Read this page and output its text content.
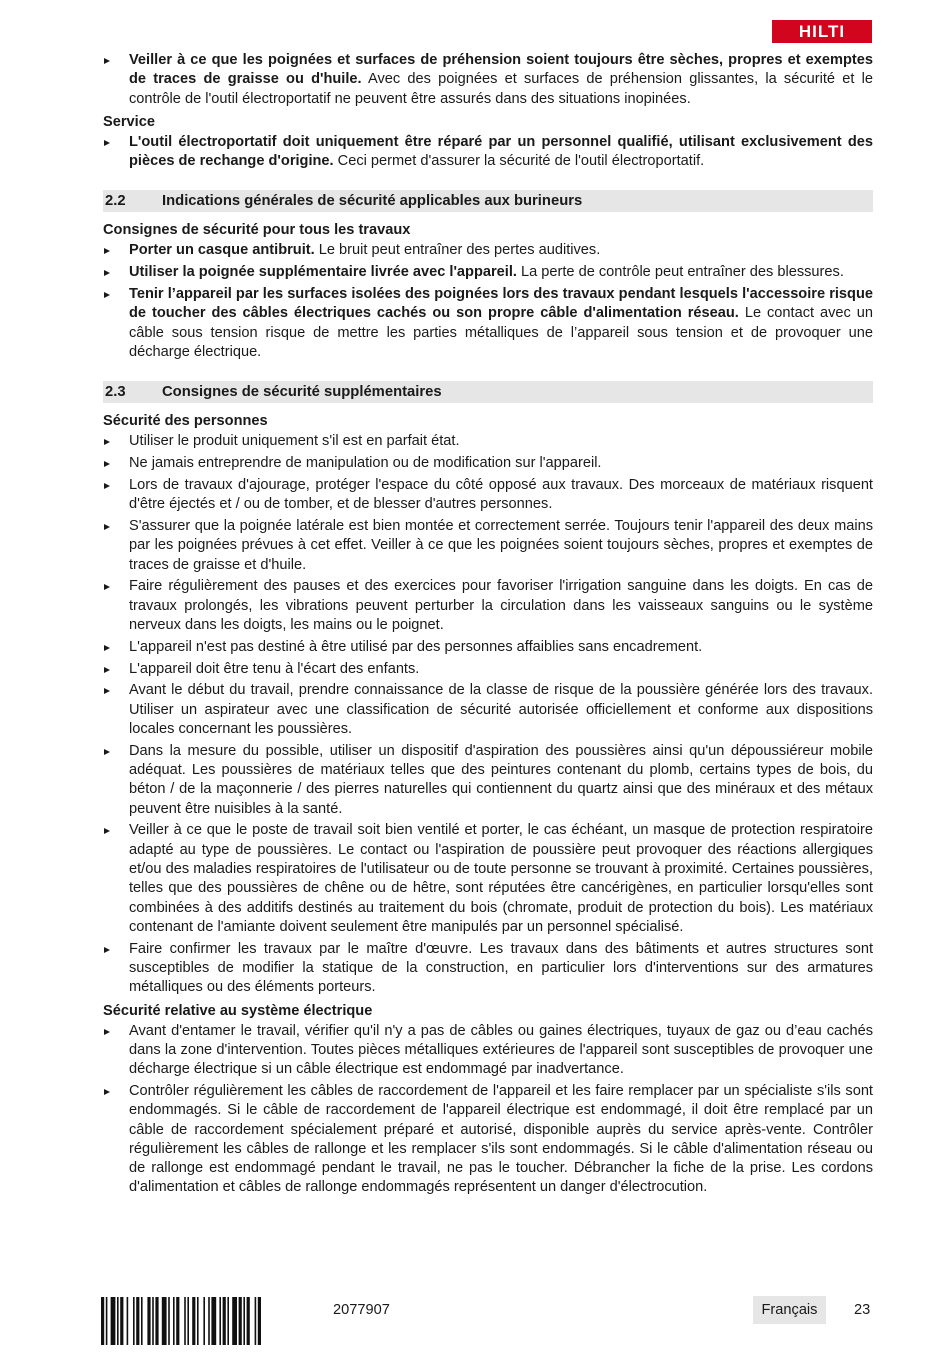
HILTI
Veiller à ce que les poignées et surfaces de préhension soient toujours être sèches, propres et exemptes de traces de graisse ou d'huile. Avec des poignées et surfaces de préhension glissantes, la sécurité et le contrôle de l'outil électroportatif ne peuvent être assurés dans des situations inopinées.
Service
L'outil électroportatif doit uniquement être réparé par un personnel qualifié, utilisant exclusivement des pièces de rechange d'origine. Ceci permet d'assurer la sécurité de l'outil électroportatif.
2.2 Indications générales de sécurité applicables aux burineurs
Consignes de sécurité pour tous les travaux
Porter un casque antibruit. Le bruit peut entraîner des pertes auditives.
Utiliser la poignée supplémentaire livrée avec l'appareil. La perte de contrôle peut entraîner des blessures.
Tenir l’appareil par les surfaces isolées des poignées lors des travaux pendant lesquels l'accessoire risque de toucher des câbles électriques cachés ou son propre câble d'alimentation réseau. Le contact avec un câble sous tension risque de mettre les parties métalliques de l’appareil sous tension et de provoquer une décharge électrique.
2.3 Consignes de sécurité supplémentaires
Sécurité des personnes
Utiliser le produit uniquement s'il est en parfait état.
Ne jamais entreprendre de manipulation ou de modification sur l'appareil.
Lors de travaux d'ajourage, protéger l'espace du côté opposé aux travaux. Des morceaux de matériaux risquent d'être éjectés et / ou de tomber, et de blesser d'autres personnes.
S'assurer que la poignée latérale est bien montée et correctement serrée. Toujours tenir l'appareil des deux mains par les poignées prévues à cet effet. Veiller à ce que les poignées soient toujours sèches, propres et exemptes de traces de graisse et d'huile.
Faire régulièrement des pauses et des exercices pour favoriser l'irrigation sanguine dans les doigts. En cas de travaux prolongés, les vibrations peuvent perturber la circulation dans les vaisseaux sanguins ou le système nerveux dans les doigts, les mains ou le poignet.
L'appareil n'est pas destiné à être utilisé par des personnes affaiblies sans encadrement.
L'appareil doit être tenu à l'écart des enfants.
Avant le début du travail, prendre connaissance de la classe de risque de la poussière générée lors des travaux. Utiliser un aspirateur avec une classification de sécurité autorisée officiellement et conforme aux dispositions locales concernant les poussières.
Dans la mesure du possible, utiliser un dispositif d'aspiration des poussières ainsi qu'un dépoussiéreur mobile adéquat. Les poussières de matériaux telles que des peintures contenant du plomb, certains types de bois, du béton / de la maçonnerie / des pierres naturelles qui contiennent du quartz ainsi que des minéraux et des métaux peuvent être nuisibles à la santé.
Veiller à ce que le poste de travail soit bien ventilé et porter, le cas échéant, un masque de protection respiratoire adapté au type de poussières. Le contact ou l'aspiration de poussière peut provoquer des réactions allergiques et/ou des maladies respiratoires de l'utilisateur ou de toute personne se trouvant à proximité. Certaines poussières, telles que des poussières de chêne ou de hêtre, sont réputées être cancérigènes, en particulier lorsqu'elles sont combinées à des additifs destinés au traitement du bois (chromate, produit de protection du bois). Les matériaux contenant de l'amiante doivent seulement être manipulés par un personnel spécialisé.
Faire confirmer les travaux par le maître d'œuvre. Les travaux dans des bâtiments et autres structures sont susceptibles de modifier la statique de la construction, en particulier lors d'interventions sur des armatures métalliques ou des éléments porteurs.
Sécurité relative au système électrique
Avant d'entamer le travail, vérifier qu'il n'y a pas de câbles ou gaines électriques, tuyaux de gaz ou d’eau cachés dans la zone d'intervention. Toutes pièces métalliques extérieures de l'appareil sont susceptibles de provoquer une décharge électrique si un câble électrique est endommagé par inadvertance.
Contrôler régulièrement les câbles de raccordement de l'appareil et les faire remplacer par un spécialiste s'ils sont endommagés. Si le câble de raccordement de l'appareil électrique est endommagé, il doit être remplacé par un câble de raccordement spécialement préparé et autorisé, disponible auprès du service après-vente. Contrôler régulièrement les câbles de rallonge et les remplacer s'ils sont endommagés. Si le câble d'alimentation réseau ou de rallonge est endommagé pendant le travail, ne pas le toucher. Débrancher la fiche de la prise. Les cordons d'alimentation et câbles de rallonge endommagés représentent un danger d'électrocution.
2077907	Français	23
